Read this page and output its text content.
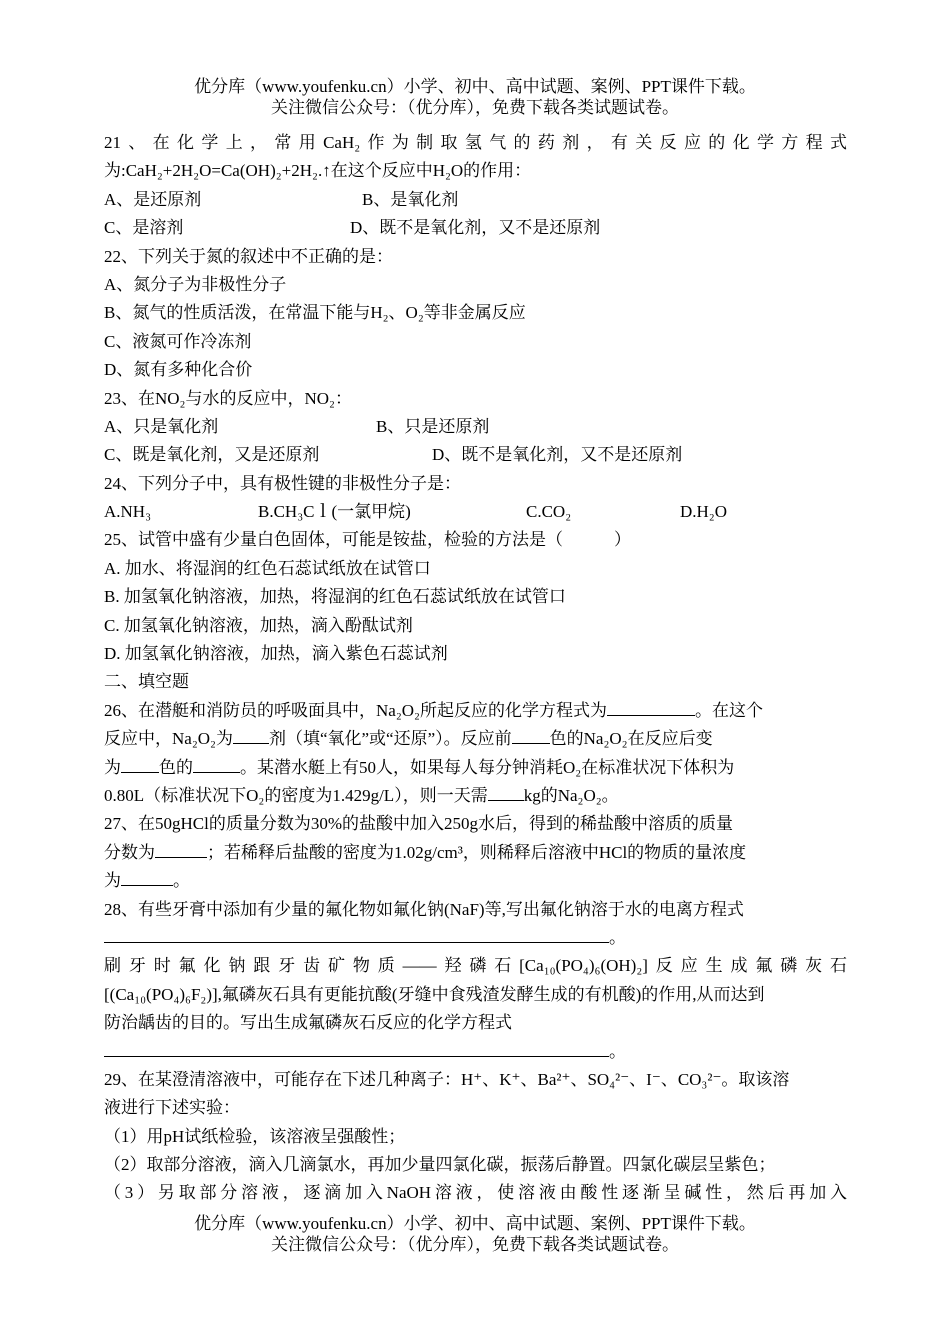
优分库（www.youfenku.cn）小学、初中、高中试题、案例、PPT课件下载。
关注微信公众号：（优分库），免费下载各类试题试卷。
21、在化学上，常用CaH₂作为制取氢气的药剂，有关反应的化学方程式
为:CaH₂+2H₂O=Ca(OH)₂+2H₂.↑在这个反应中H₂O的作用：
A、是还原剂	B、是氧化剂
C、是溶剂	D、既不是氧化剂，又不是还原剂
22、下列关于氮的叙述中不正确的是：
A、氮分子为非极性分子
B、氮气的性质活泼，在常温下能与H₂、O₂等非金属反应
C、液氮可作冷冻剂
D、氮有多种化合价
23、在NO₂与水的反应中，NO₂：
A、只是氧化剂	B、只是还原剂
C、既是氧化剂，又是还原剂	D、既不是氧化剂，又不是还原剂
24、下列分子中，具有极性键的非极性分子是：
A.NH₃	B.CH₃Cｌ(一氯甲烷)	C.CO₂	D.H₂O
25、试管中盛有少量白色固体，可能是铵盐，检验的方法是（　　　）
A. 加水、将湿润的红色石蕊试纸放在试管口
B. 加氢氧化钠溶液，加热，将湿润的红色石蕊试纸放在试管口
C. 加氢氧化钠溶液，加热，滴入酚酞试剂
D. 加氢氧化钠溶液，加热，滴入紫色石蕊试剂
二、填空题
26、在潜艇和消防员的呼吸面具中，Na₂O₂所起反应的化学方程式为	。在这个
反应中，Na₂O₂为 剂（填“氧化”或“还原”）。反应前 色的Na₂O₂在反应后变
为 色的	。某潜水艇上有50人，如果每人每分钟消耗O₂在标准状况下体积为
0.80L（标准状况下O₂的密度为1.429g/L），则一天需 kg的Na₂O₂。
27、在50gHCl的质量分数为30%的盐酸中加入250g水后，得到的稀盐酸中溶质的质量
分数为	；若稀释后盐酸的密度为1.02g/cm³，则稀释后溶液中HCl的物质的量浓度
为	。
28、有些牙膏中添加有少量的氟化物如氟化钠(NaF)等,写出氟化钠溶于水的电离方程式
。
刷牙时氟化钠跟牙齿矿物质——羟磷石[Ca₁₀(PO₄)₆(OH)₂]反应生成氟磷灰石
[(Ca₁₀(PO₄)₆F₂)],氟磷灰石具有更能抗酸(牙缝中食残渣发酵生成的有机酸)的作用,从而达到
防治龋齿的目的。写出生成氟磷灰石反应的化学方程式
。
29、在某澄清溶液中，可能存在下述几种离子：H⁺、K⁺、Ba²⁺、SO₄²⁻、I⁻、CO₃²⁻。取该溶
液进行下述实验：
（1）用pH试纸检验，该溶液呈强酸性；
（2）取部分溶液，滴入几滴氯水，再加少量四氯化碳，振荡后静置。四氯化碳层呈紫色；
（3）另取部分溶液，逐滴加入NaOH溶液，使溶液由酸性逐渐呈碱性，然后再加入
优分库（www.youfenku.cn）小学、初中、高中试题、案例、PPT课件下载。
关注微信公众号：（优分库），免费下载各类试题试卷。
